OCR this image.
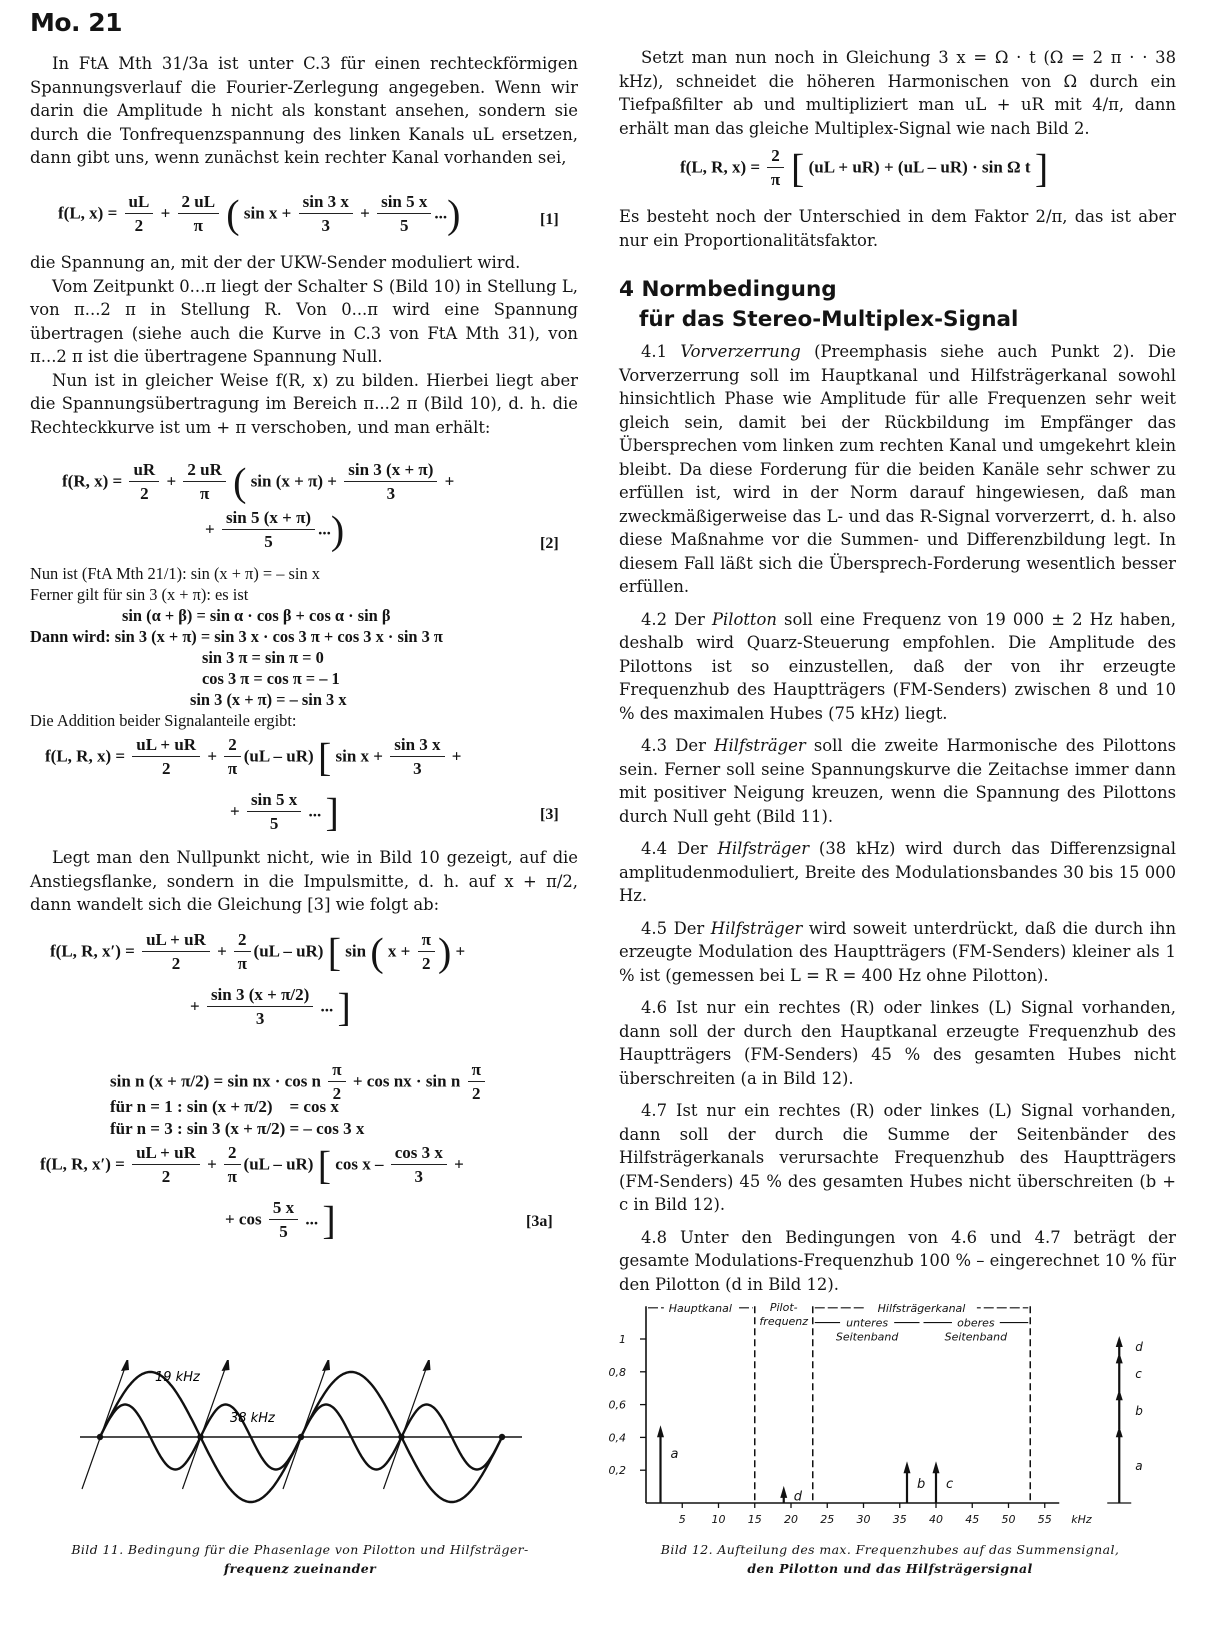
Mo. 21

In FtA Mth 31/3a ist unter C.3 für einen rechteckförmigen Spannungsverlauf die Fourier-Zerlegung angegeben. Wenn wir darin die Amplitude h nicht als konstant ansehen, sondern sie durch die Tonfrequenzspannung des linken Kanals uL ersetzen, dann gibt uns, wenn zunächst kein rechter Kanal vorhanden sei,

f(L, $x) = \frac{uL}{2} + \frac{2 uL}{\pi}$ ( $\sin x + \frac{\sin 3 x}{3} + \frac{\sin 5 x}{5}$ ...)	[1]

die Spannung an, mit der der UKW-Sender moduliert wird.

Vom Zeitpunkt 0...π liegt der Schalter S (Bild 10) in Stellung L, von π...2 π in Stellung R. Von 0...π wird eine Spannung übertragen (siehe auch die Kurve in C.3 von FtA Mth 31), von π...2 π ist die übertragene Spannung Null.

Nun ist in gleicher Weise f(R, x) zu bilden. Hierbei liegt aber die Spannungsübertragung im Bereich π...2 π (Bild 10), d. h. die Rechteckkurve ist um + π verschoben, und man erhält:

f(R, $x) = \frac{uR}{2} + \frac{2 uR}{\pi}$ ( $\sin (x + \pi) + \frac{\sin 3 (x + \pi)}{3}$ +
+ $\frac{\sin 5 (x + \pi)}{5}$ ...)	[2]
Nun ist (FtA Mth 21/1): sin (x + π) = – sin x
Ferner gilt für sin 3 (x + π): es ist
sin (α + β) = sin α · cos β + cos α · sin β
Dann wird: sin 3 (x + π) = sin 3 x · cos 3 π + cos 3 x · sin 3 π
sin 3 π = sin π = 0
cos 3 π = cos π = – 1
sin 3 (x + π) = – sin 3 x
Die Addition beider Signalanteile ergibt:
f(L, R, $x) = \frac{uL + uR}{2} + \frac{2}{\pi} (uL - uR)$ [ $\sin x + \frac{\sin 3 x}{3}$ +
+ $\frac{\sin 5 x}{5}$ ... ]	[3]

Legt man den Nullpunkt nicht, wie in Bild 10 gezeigt, auf die Anstiegsflanke, sondern in die Impulsmitte, d. h. auf x + π/2, dann wandelt sich die Gleichung [3] wie folgt ab:

f(L, R, $x') = \frac{uL + uR}{2} + \frac{2}{\pi} (uL - uR)$ [ sin ( $x + \frac{\pi}{2}$ ) +
+ $\frac{\sin 3 (x + \pi/2)}{3}$ ... ]
sin n (x + π/2) = sin nx · cos n $\frac{\pi}{2} + \cos$ nx · sin n $\frac{\pi}{2}$
für n = 1 : sin (x + π/2)    = cos x
für n = 3 : sin 3 (x + π/2) = – cos 3 x
f(L, R, $x') = \frac{uL + uR}{2} + \frac{2}{\pi} (uL - uR)$ [ cos x – $\frac{\cos 3 x}{3}$ +
+ $\cos \frac{5 x}{5}$ ... ]	[3a]
19 kHz
38 kHz
Bild 11. Bedingung für die Phasenlage von Pilotton und Hilfsträger-
frequenz zueinander

Setzt man nun noch in Gleichung 3 x = Ω · t (Ω = 2 π · · 38 kHz), schneidet die höheren Harmonischen von Ω durch ein Tiefpaßfilter ab und multipliziert man uL + uR mit 4/π, dann erhält man das gleiche Multiplex-Signal wie nach Bild 2.

f(L, R, $x) = \frac{2}{\pi}$ [ (uL + uR) + (uL – uR) · sin Ω t ]

Es besteht noch der Unterschied in dem Faktor 2/π, das ist aber nur ein Proportionalitätsfaktor.

4 Normbedingung
für das Stereo-Multiplex-Signal

4.1 Vorverzerrung (Preemphasis siehe auch Punkt 2). Die Vorverzerrung soll im Hauptkanal und Hilfsträgerkanal sowohl hinsichtlich Phase wie Amplitude für alle Frequenzen sehr weit gleich sein, damit bei der Rückbildung im Empfänger das Übersprechen vom linken zum rechten Kanal und umgekehrt klein bleibt. Da diese Forderung für die beiden Kanäle sehr schwer zu erfüllen ist, wird in der Norm darauf hingewiesen, daß man zweckmäßigerweise das L- und das R-Signal vorverzerrt, d. h. also diese Maßnahme vor die Summen- und Differenzbildung legt. In diesem Fall läßt sich die Übersprech-Forderung wesentlich besser erfüllen.

4.2 Der Pilotton soll eine Frequenz von 19 000 ± 2 Hz haben, deshalb wird Quarz-Steuerung empfohlen. Die Amplitude des Pilottons ist so einzustellen, daß der von ihr erzeugte Frequenzhub des Hauptträgers (FM-Senders) zwischen 8 und 10 % des maximalen Hubes (75 kHz) liegt.

4.3 Der Hilfsträger soll die zweite Harmonische des Pilottons sein. Ferner soll seine Spannungskurve die Zeitachse immer dann mit positiver Neigung kreuzen, wenn die Spannung des Pilottons durch Null geht (Bild 11).

4.4 Der Hilfsträger (38 kHz) wird durch das Differenzsignal amplitudenmoduliert, Breite des Modulationsbandes 30 bis 15 000 Hz.

4.5 Der Hilfsträger wird soweit unterdrückt, daß die durch ihn erzeugte Modulation des Hauptträgers (FM-Senders) kleiner als 1 % ist (gemessen bei L = R = 400 Hz ohne Pilotton).

4.6 Ist nur ein rechtes (R) oder linkes (L) Signal vorhanden, dann soll der durch den Hauptkanal erzeugte Frequenzhub des Hauptträgers (FM-Senders) 45 % des gesamten Hubes nicht überschreiten (a in Bild 12).

4.7 Ist nur ein rechtes (R) oder linkes (L) Signal vorhanden, dann soll der durch die Summe der Seitenbänder des Hilfsträgerkanals verursachte Frequenzhub des Hauptträgers (FM-Senders) 45 % des gesamten Hubes nicht überschreiten (b + c in Bild 12).

4.8 Unter den Bedingungen von 4.6 und 4.7 beträgt der gesamte Modulations-Frequenzhub 100 % – eingerechnet 10 % für den Pilotton (d in Bild 12).

0,2
0,4
0,6
0,8
1
5 10 15 20 25 30 35 40 45 50 55 kHz
Hauptkanal	Pilot-
frequenz
Hilfsträgerkanal
unteres
Seitenband
oberes
Seitenband
a
d
b c
a
b
c
d
Bild 12. Aufteilung des max. Frequenzhubes auf das Summensignal,
den Pilotton und das Hilfsträgersignal
